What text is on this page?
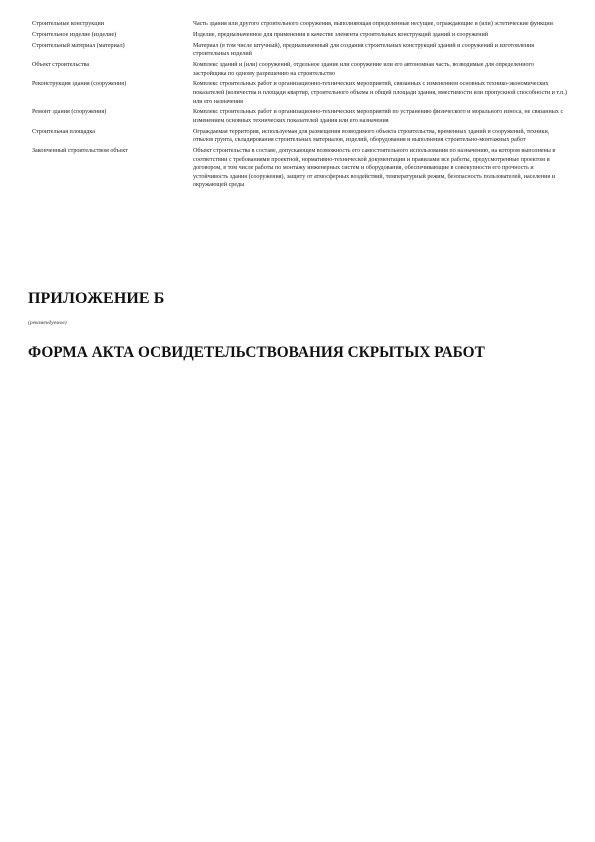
Строительные конструкции	Часть здания или другого строительного сооружения, выполняющая определенные несущие, ограждающие и (или) эстетические функции
Строительное изделие (изделие)	Изделие, предназначенное для применения в качестве элемента строительных конструкций зданий и сооружений
Строительный материал (материал)	Материал (в том числе штучный), предназначенный для создания строительных конструкций зданий и сооружений и изготовления строительных изделий
Объект строительства	Комплекс зданий и (или) сооружений, отдельное здание или сооружение или его автономная часть, возводимые для определенного застройщика по одному разрешению на строительство
Реконструкция здания (сооружения)	Комплекс строительных работ и организационно-технических мероприятий, связанных с изменением основных технико-экономических показателей (количества и площади квартир, строительного объема и общей площади здания, вместимости или пропускной способности и т.п.) или его назначения
Ремонт здания (сооружения)	Комплекс строительных работ и организационно-технических мероприятий по устранению физического и морального износа, не связанных с изменением основных технических показателей здания или его назначения
Строительная площадка	Ограждаемая территория, используемая для размещения возводимого объекта строительства, временных зданий и сооружений, техники, отвалов грунта, складирования строительных материалов, изделий, оборудования и выполнения строительно-монтажных работ
Законченный строительством объект	Объект строительства в составе, допускающем возможность его самостоятельного использования по назначению, на котором выполнены в соответствии с требованиями проектной, нормативно-технической документации и правилами все работы, предусмотренные проектом и договором, в том числе работы по монтажу инженерных систем и оборудования, обеспечивающие в совокупности его прочность и устойчивость здания (сооружения), защиту от атмосферных воздействий, температурный режим, безопасность пользователей, населения и окружающей среды
ПРИЛОЖЕНИЕ Б

(рекомендуемое)

ФОРМА АКТА ОСВИДЕТЕЛЬСТВОВАНИЯ СКРЫТЫХ РАБОТ
